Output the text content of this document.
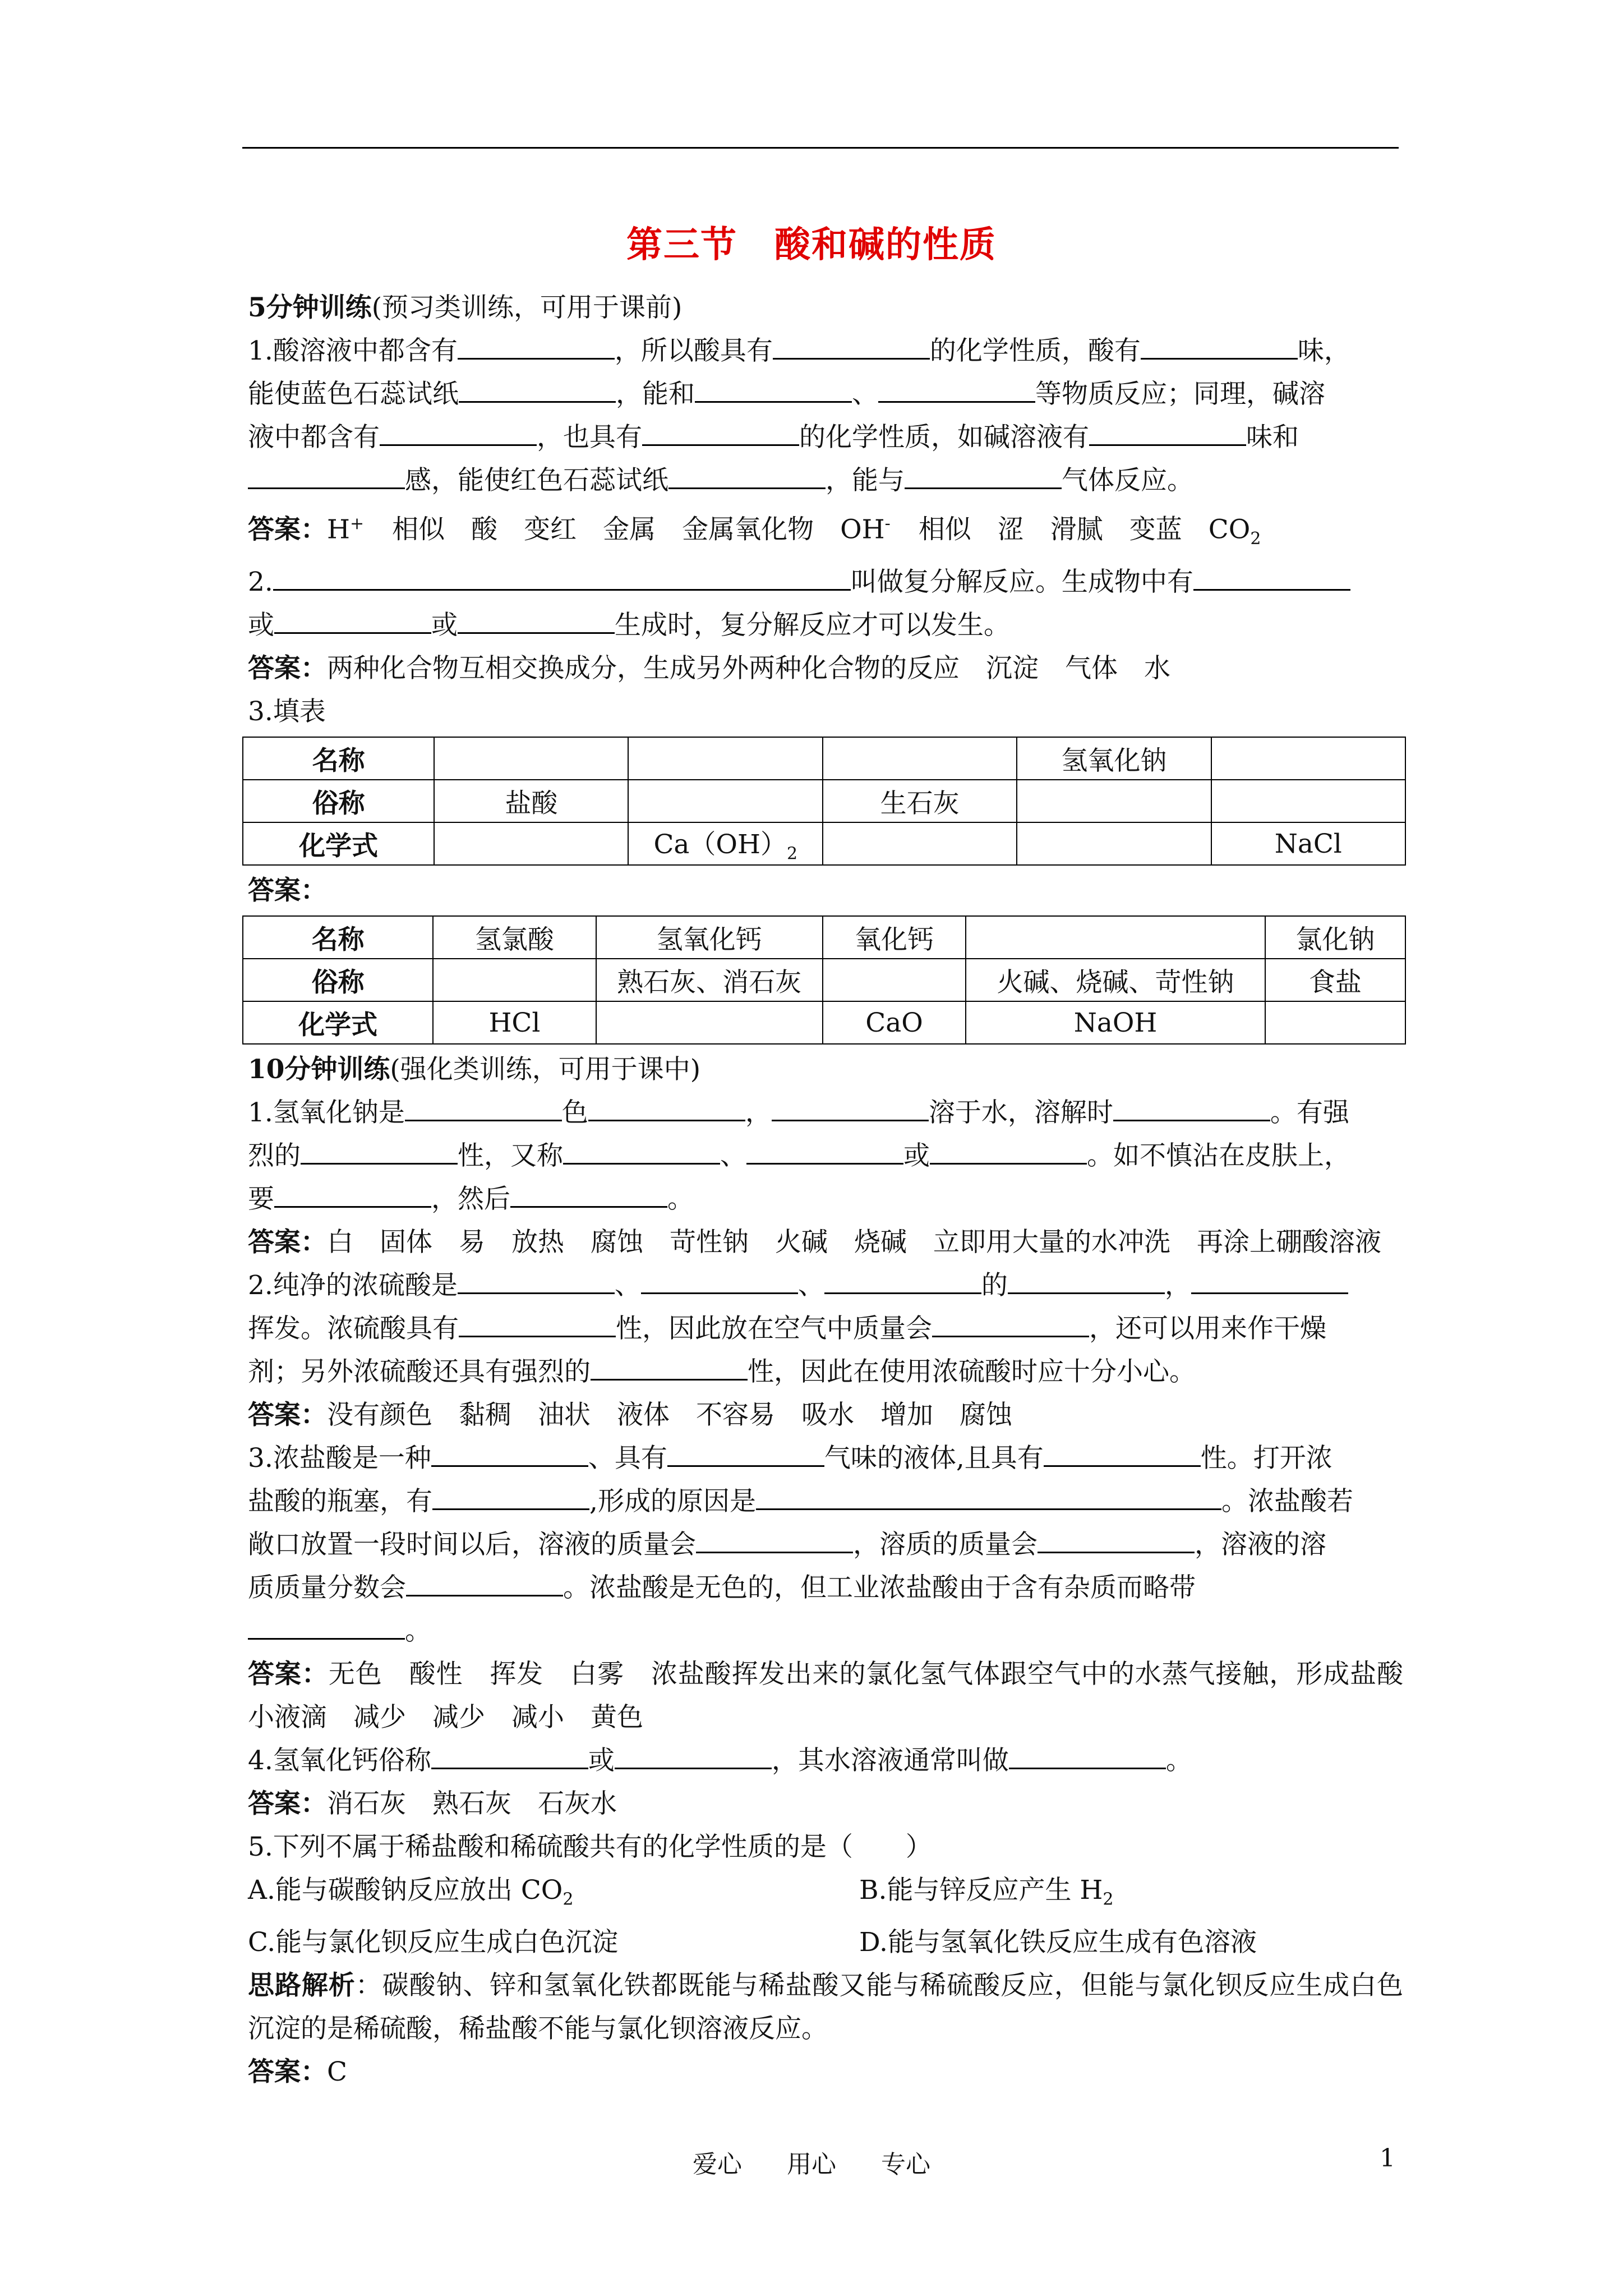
第三节　酸和碱的性质

5分钟训练(预习类训练，可用于课前)

1.酸溶液中都含有	，所以酸具有	的化学性质，酸有	味，
能使蓝色石蕊试纸	，能和	、	等物质反应；同理，碱溶
液中都含有	，也具有	的化学性质，如碱溶液有	味和
感，能使红色石蕊试纸	，能与	气体反应。

答案：H+ 相似　酸　变红　金属　金属氧化物　OH- 相似　涩　滑腻　变蓝　$CO_2$

2.	叫做复分解反应。生成物中有
或	或	生成时，复分解反应才可以发生。

答案：两种化合物互相交换成分，生成另外两种化合物的反应　沉淀　气体　水

3.填表

名称				氢氧化钠	
俗称	盐酸		生石灰		
化学式		$Ca(OH)_2$			NaCl

答案：

名称	氢氯酸	氢氧化钙	氧化钙		氯化钠
俗称		熟石灰、消石灰		火碱、烧碱、苛性钠	食盐
化学式	HCl		CaO	NaOH	

10分钟训练(强化类训练，可用于课中)

1.氢氧化钠是	色	，	溶于水，溶解时	。有强
烈的	性，又称	、	或	。如不慎沾在皮肤上，
要	，然后	。

答案：白　固体　易　放热　腐蚀　苛性钠　火碱　烧碱　立即用大量的水冲洗　再涂上硼酸溶液

2.纯净的浓硫酸是	、	、	的	，
挥发。浓硫酸具有	性，因此放在空气中质量会	，还可以用来作干燥
剂；另外浓硫酸还具有强烈的	性，因此在使用浓硫酸时应十分小心。

答案：没有颜色　黏稠　油状　液体　不容易　吸水　增加　腐蚀

3.浓盐酸是一种	、具有	气味的液体,且具有	性。打开浓
盐酸的瓶塞，有	,形成的原因是	。浓盐酸若
敞口放置一段时间以后，溶液的质量会	，溶质的质量会	，溶液的溶
质质量分数会	。浓盐酸是无色的，但工业浓盐酸由于含有杂质而略带
。

答案：无色　酸性　挥发　白雾　浓盐酸挥发出来的氯化氢气体跟空气中的水蒸气接触，形成盐酸小液滴　减少　减少　减小　黄色

4.氢氧化钙俗称	或	，其水溶液通常叫做	。

答案：消石灰　熟石灰　石灰水

5.下列不属于稀盐酸和稀硫酸共有的化学性质的是（　　）

A.能与碳酸钠反应放出 $CO_2$	B.能与锌反应产生 $H_2$
C.能与氯化钡反应生成白色沉淀	D.能与氢氧化铁反应生成有色溶液

思路解析：碳酸钠、锌和氢氧化铁都既能与稀盐酸又能与稀硫酸反应，但能与氯化钡反应生成白色沉淀的是稀硫酸，稀盐酸不能与氯化钡溶液反应。

答案：C

爱心 用心 专心	1
